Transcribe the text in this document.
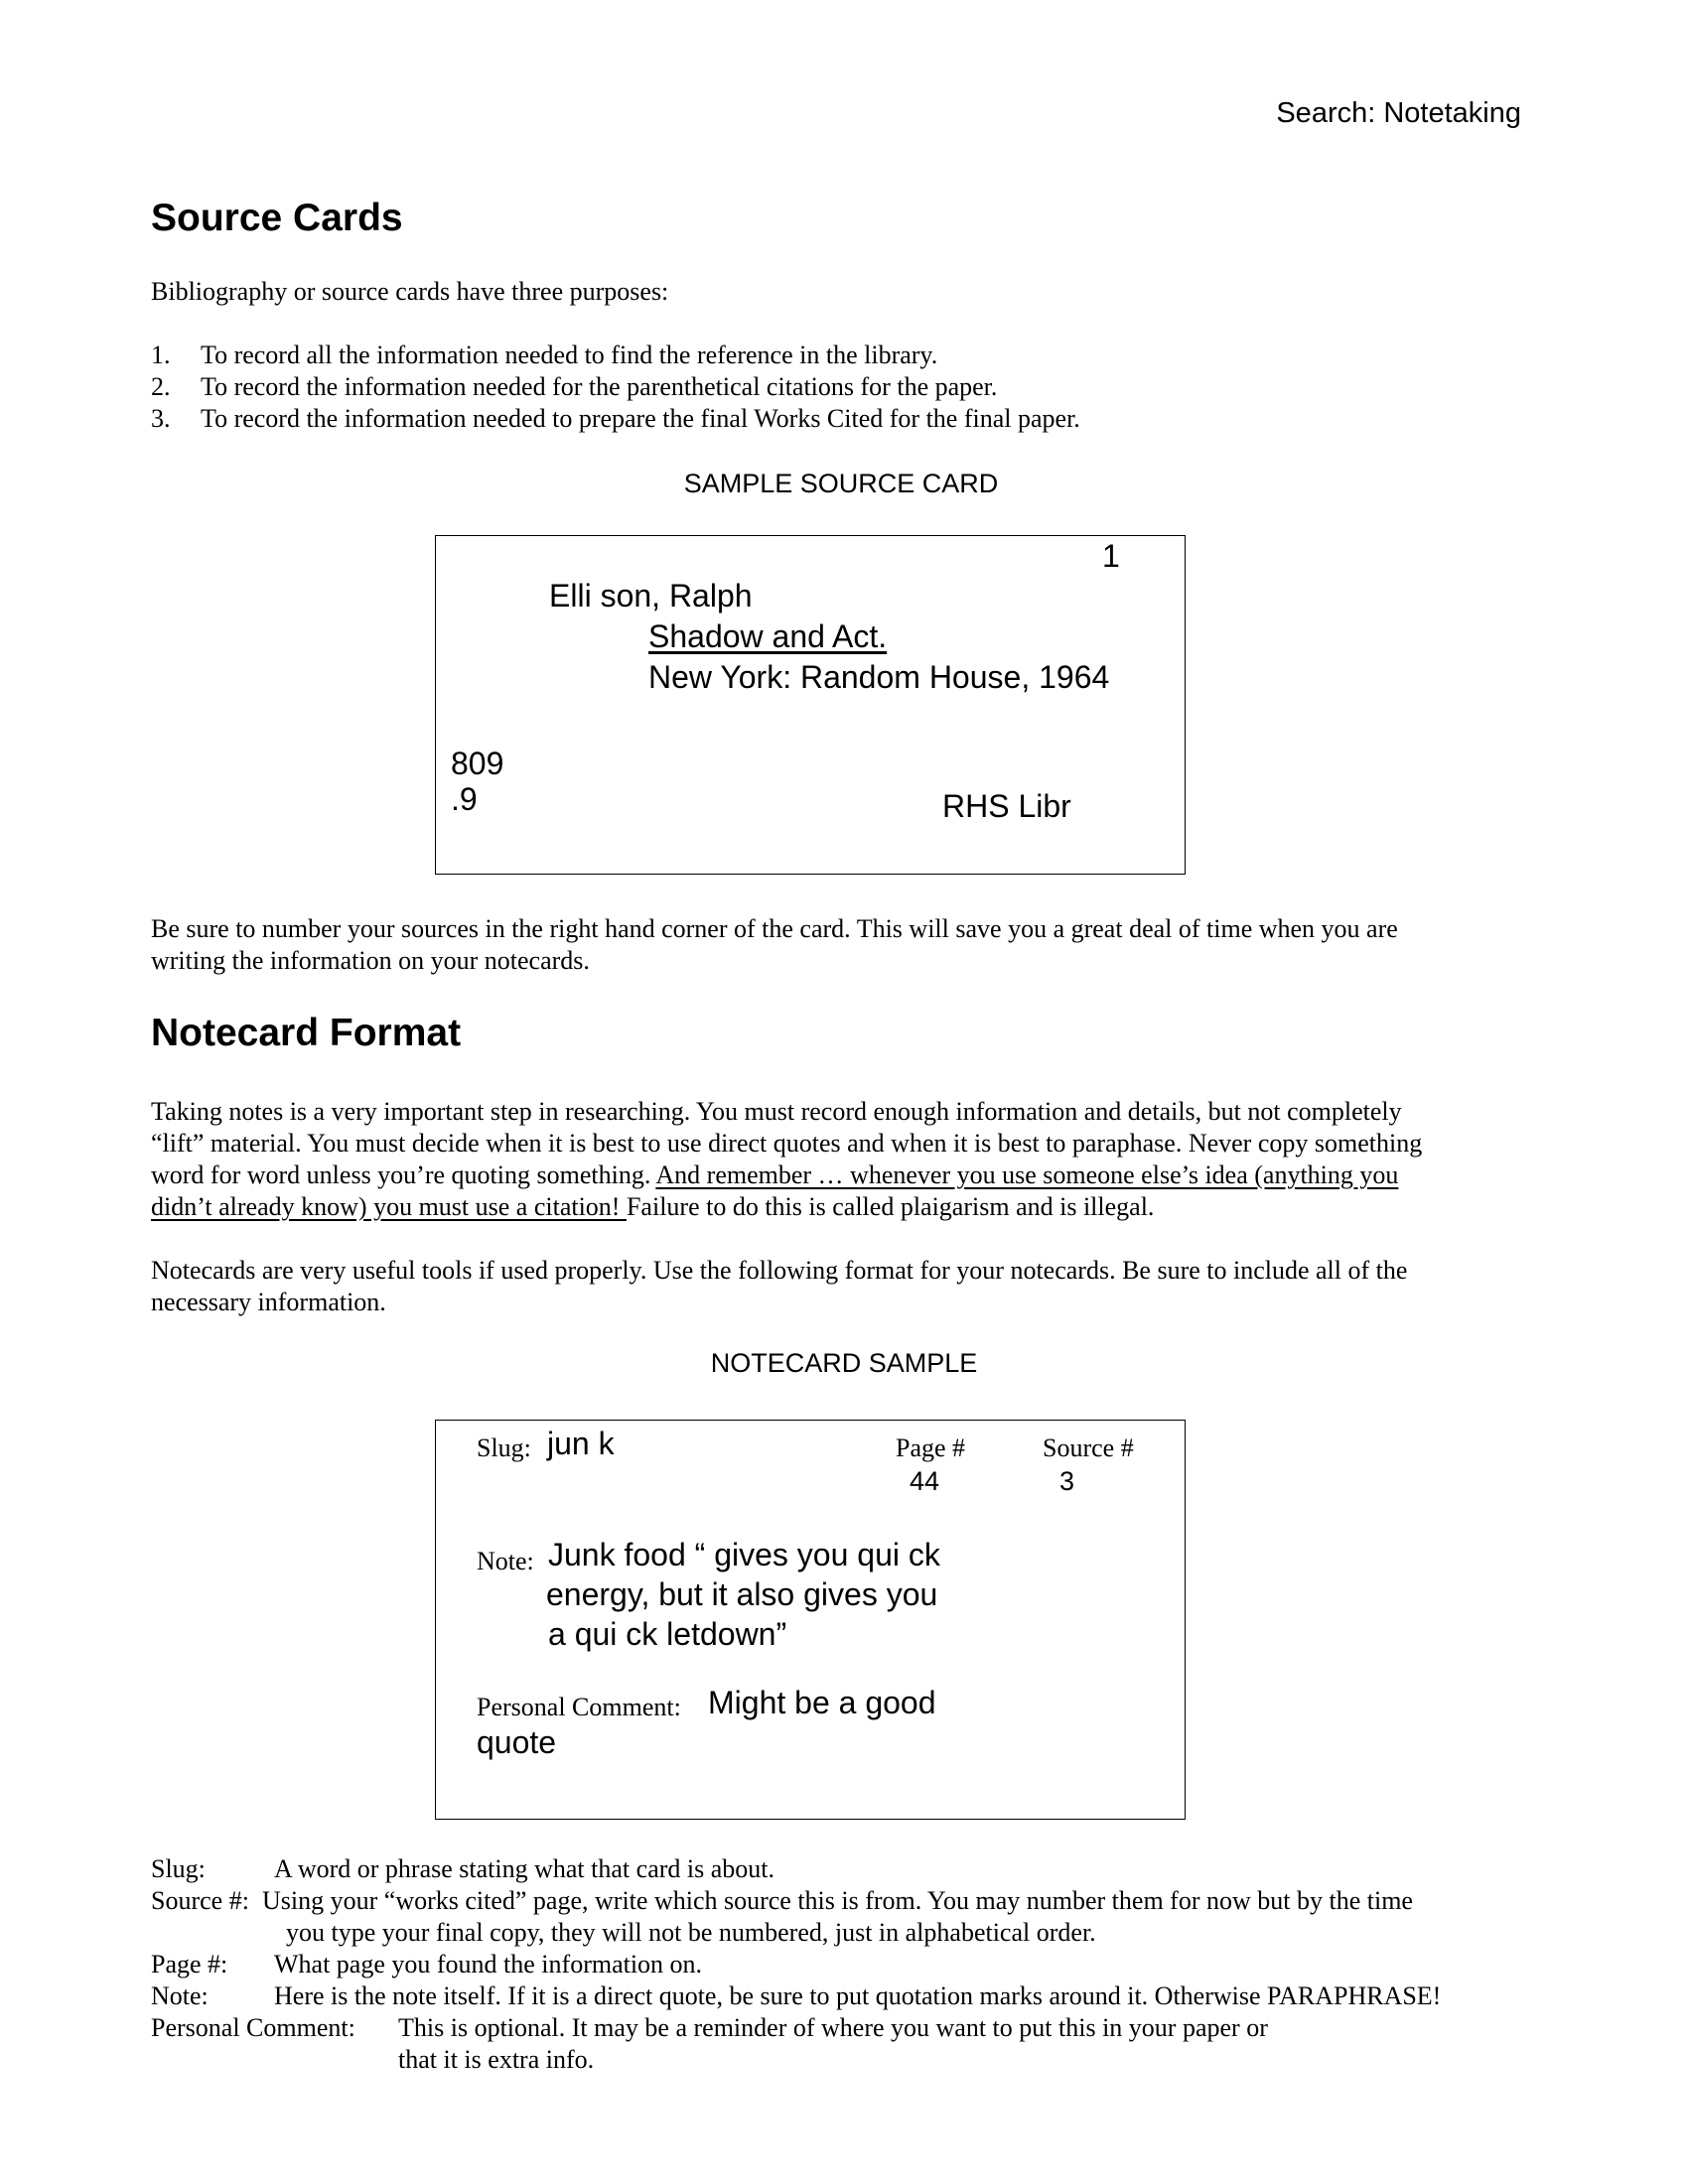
Search: Notetaking
Source Cards
Bibliography or source cards have three purposes:
1. To record all the information needed to find the reference in the library.
2. To record the information needed for the parenthetical citations for the paper.
3. To record the information needed to prepare the final Works Cited for the final paper.
SAMPLE SOURCE CARD
1
Elli son, Ralph
Shadow and Act.
New York: Random House, 1964
809
.9	RHS Libr
Be sure to number your sources in the right hand corner of the card. This will save you a great deal of time when you are
writing the information on your notecards.
Notecard Format
Taking notes is a very important step in researching. You must record enough information and details, but not completely
“lift” material. You must decide when it is best to use direct quotes and when it is best to paraphase. Never copy something
word for word unless you’re quoting something. And remember … whenever you use someone else’s idea (anything you
didn’t already know) you must use a citation! Failure to do this is called plaigarism and is illegal.
Notecards are very useful tools if used properly. Use the following format for your notecards. Be sure to include all of the
necessary information.
NOTECARD SAMPLE
Slug: jun k	Page #
44
Source #
3
Note: Junk food “ gives you qui ck
energy, but it also gives you
a qui ck letdown”
Personal Comment: Might be a good
quote
Slug:	A word or phrase stating what that card is about.
Source #: Using your “works cited” page, write which source this is from. You may number them for now but by the time
you type your final copy, they will not be numbered, just in alphabetical order.
Page #: What page you found the information on.
Note:	Here is the note itself. If it is a direct quote, be sure to put quotation marks around it. Otherwise PARAPHRASE!
Personal Comment: This is optional. It may be a reminder of where you want to put this in your paper or
that it is extra info.
